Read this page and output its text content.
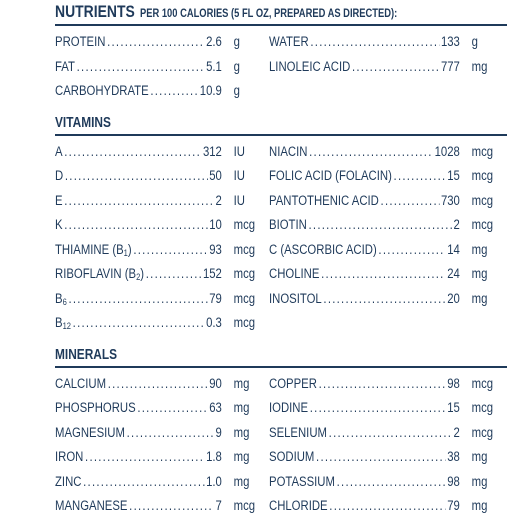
NUTRIENTS PER 100 CALORIES (5 FL OZ, PREPARED AS DIRECTED):
PROTEIN .....	2.6 g	WATER .....	133 g
FAT .....	5.1 g	LINOLEIC ACID .....	777 mg
CARBOHYDRATE .....	10.9 g
VITAMINS
A .....	312 IU	NIACIN .....	1028 mcg
D .....	50 IU	FOLIC ACID (FOLACIN) .....	15 mcg
E .....	2 IU	PANTOTHENIC ACID .....	730 mcg
K .....	10 mcg	BIOTIN .....	2 mcg
THIAMINE $(B_1)$ .....	93 mcg	C (ASCORBIC ACID) .....	14 mg
RIBOFLAVIN $(B_2)$ .....	152 mcg	CHOLINE .....	24 mg
$B_6$ .....	79 mcg	INOSITOL .....	20 mg
$B_{12}$ .....	0.3 mcg
MINERALS
CALCIUM .....	90 mg	COPPER .....	98 mcg
PHOSPHORUS .....	63 mg	IODINE .....	15 mcg
MAGNESIUM .....	9 mg	SELENIUM .....	2 mcg
IRON .....	1.8 mg	SODIUM .....	38 mg
ZINC .....	1.0 mg	POTASSIUM .....	98 mg
MANGANESE .....	7 mcg	CHLORIDE .....	79 mg
